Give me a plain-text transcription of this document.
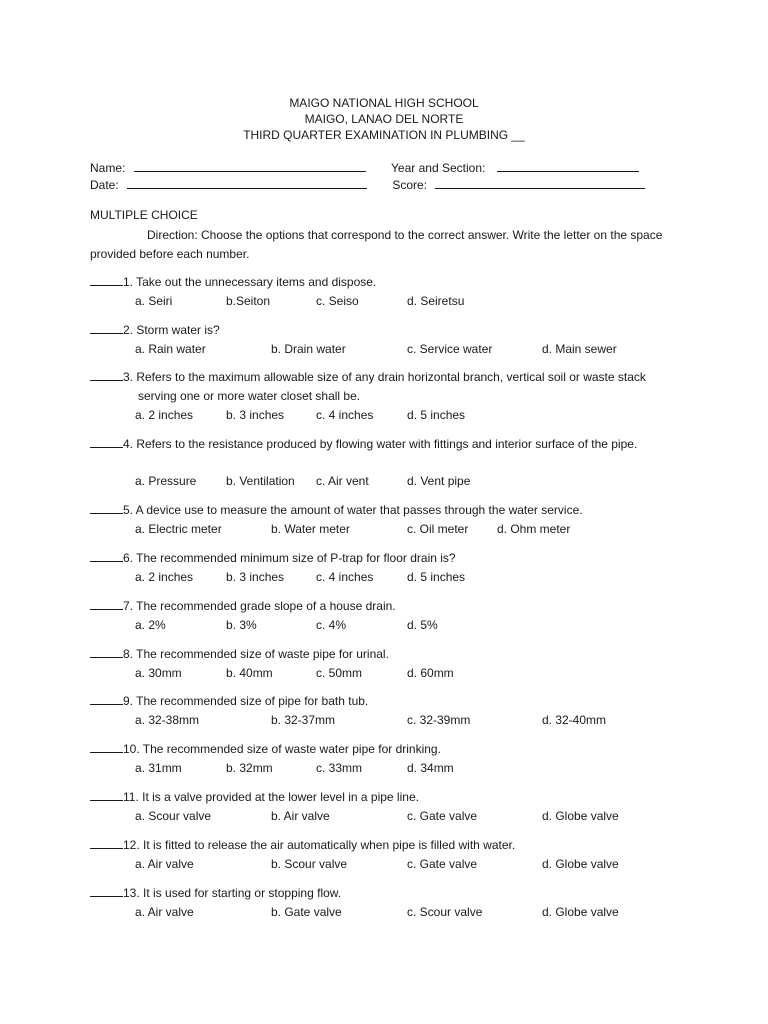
MAIGO NATIONAL HIGH SCHOOL
MAIGO, LANAO DEL NORTE
THIRD QUARTER EXAMINATION IN PLUMBING __
Name:	Year and Section:
Date:	Score:
MULTIPLE CHOICE
Direction: Choose the options that correspond to the correct answer. Write the letter on the space provided before each number.
1. Take out the unnecessary items and dispose.
a. Seiri	b.Seiton	c. Seiso	d. Seiretsu
2. Storm water is?
a. Rain water	b. Drain water	c. Service water	d. Main sewer
3. Refers to the maximum allowable size of any drain horizontal branch, vertical soil or waste stack
serving one or more water closet shall be.
a. 2 inches	b. 3 inches	c. 4 inches	d. 5 inches
4. Refers to the resistance produced by flowing water with fittings and interior surface of the pipe.
a. Pressure b. Ventilation c. Air vent	d. Vent pipe
5. A device use to measure the amount of water that passes through the water service.
a. Electric meter	b. Water meter	c. Oil meter d. Ohm meter
6. The recommended minimum size of P-trap for floor drain is?
a. 2 inches	b. 3 inches	c. 4 inches	d. 5 inches
7. The recommended grade slope of a house drain.
a. 2%	b. 3%	c. 4%	d. 5%
8. The recommended size of waste pipe for urinal.
a. 30mm	b. 40mm	c. 50mm	d. 60mm
9. The recommended size of pipe for bath tub.
a. 32-38mm	b. 32-37mm	c. 32-39mm	d. 32-40mm
10. The recommended size of waste water pipe for drinking.
a. 31mm	b. 32mm	c. 33mm	d. 34mm
11. It is a valve provided at the lower level in a pipe line.
a. Scour valve	b. Air valve	c. Gate valve	d. Globe valve
12. It is fitted to release the air automatically when pipe is filled with water.
a. Air valve	b. Scour valve	c. Gate valve	d. Globe valve
13. It is used for starting or stopping flow.
a. Air valve	b. Gate valve	c. Scour valve	d. Globe valve
